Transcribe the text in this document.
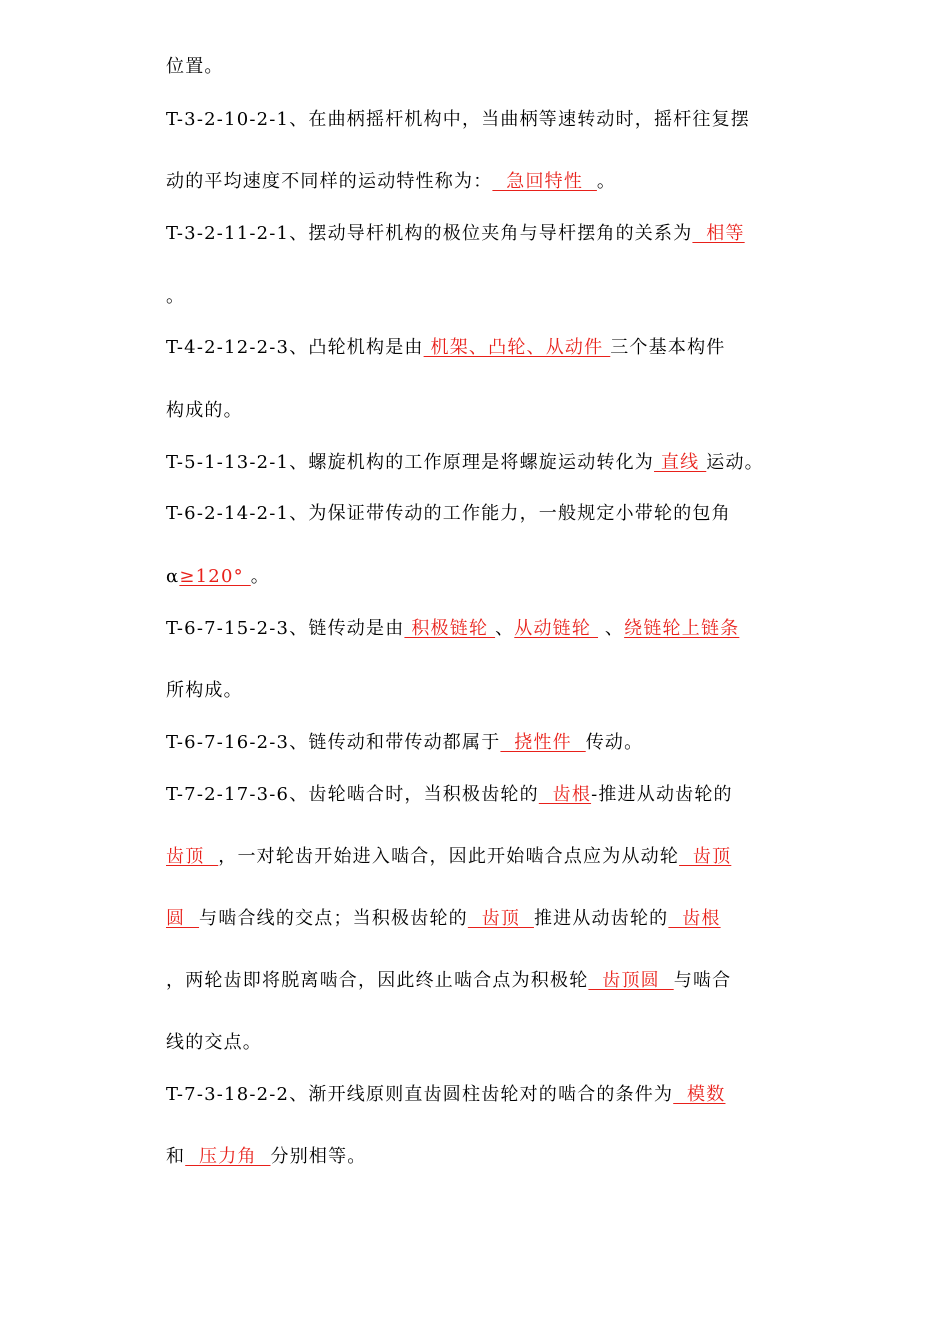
位置。
T-3-2-10-2-1、在曲柄摇杆机构中，当曲柄等速转动时，摇杆往复摆
动的平均速度不同样的运动特性称为：  急回特性  。
T-3-2-11-2-1、摆动导杆机构的极位夹角与导杆摆角的关系为  相等
。
T-4-2-12-2-3、凸轮机构是由 机架、凸轮、从动件 三个基本构件
构成的。
T-5-1-13-2-1、螺旋机构的工作原理是将螺旋运动转化为 直线 运动。
T-6-2-14-2-1、为保证带传动的工作能力，一般规定小带轮的包角
α≥120° 。
T-6-7-15-2-3、链传动是由 积极链轮 、从动链轮  、绕链轮上链条
所构成。
T-6-7-16-2-3、链传动和带传动都属于  挠性件  传动。
T-7-2-17-3-6、齿轮啮合时，当积极齿轮的  齿根-推进从动齿轮的
齿顶  ，一对轮齿开始进入啮合，因此开始啮合点应为从动轮  齿顶
圆  与啮合线的交点；当积极齿轮的  齿顶  推进从动齿轮的  齿根
，两轮齿即将脱离啮合，因此终止啮合点为积极轮  齿顶圆  与啮合
线的交点。
T-7-3-18-2-2、渐开线原则直齿圆柱齿轮对的啮合的条件为  模数
和  压力角  分别相等。
